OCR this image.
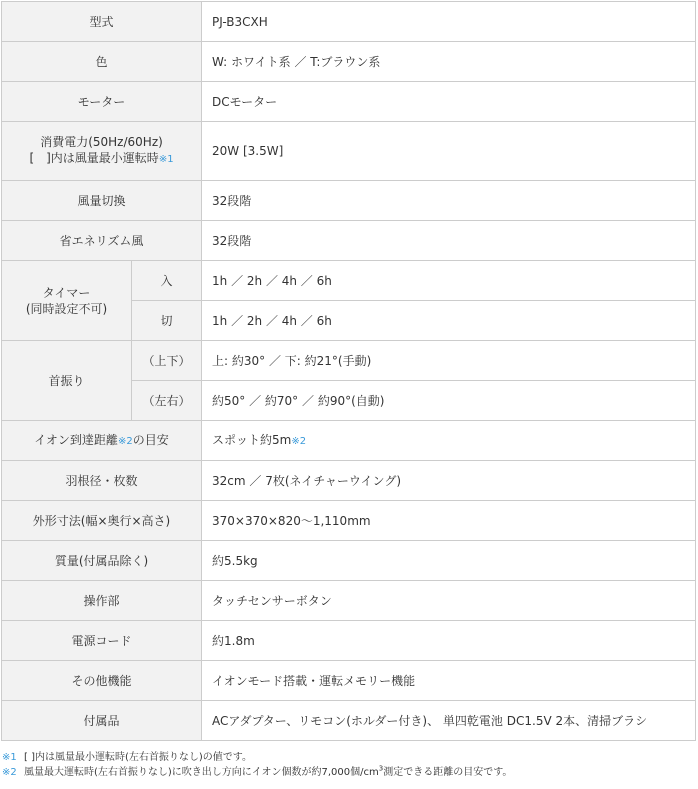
型式		PJ-B3CXH
色		W: ホワイト系 ／ T:ブラウン系
モーター		DCモーター
消費電力(50Hz/60Hz)
[　]内は風量最小運転時※1		20W [3.5W]
風量切換		32段階
省エネリズム風		32段階
タイマー
(同時設定不可)	入	1h ／ 2h ／ 4h ／ 6h
	切	1h ／ 2h ／ 4h ／ 6h
首振り	（上下）	上: 約30° ／ 下: 約21°(手動)
	（左右）	約50° ／ 約70° ／ 約90°(自動)
イオン到達距離※2の目安		スポット約5m※2
羽根径・枚数		32cm ／ 7枚(ネイチャーウイング)
外形寸法(幅×奥行×高さ)		370×370×820～1,110mm
質量(付属品除く)		約5.5kg
操作部		タッチセンサーボタン
電源コード		約1.8m
その他機能		イオンモード搭載・運転メモリー機能
付属品		ACアダプター、リモコン(ホルダー付き)、 単四乾電池 DC1.5V 2本、清掃ブラシ
※1 [ ]内は風量最小運転時(左右首振りなし)の値です。
※2 風量最大運転時(左右首振りなし)に吹き出し方向にイオン個数が約7,000個$/cm^3$測定できる距離の目安です。
